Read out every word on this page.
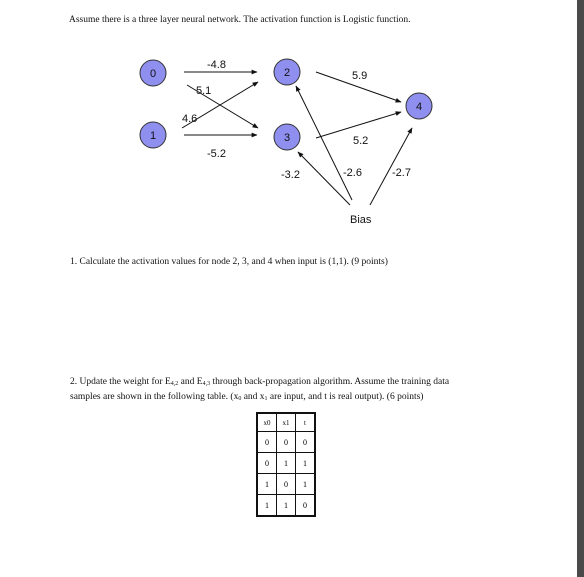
Assume there is a three layer neural network. The activation function is Logistic function.
0
1
2
3
4
-4.8
5.1
4.6
-5.2
5.9
5.2
-3.2	-2.6	-2.7
Bias
1. Calculate the activation values for node 2, 3, and 4 when input is (1,1). (9 points)
2. Update the weight for $E_{4,2}$ and $E_{4,3}$ through back-propagation algorithm. Assume the training data
samples are shown in the following table. ($x_0$ and $x_1$ are input, and t is real output). (6 points)
x0	x1	t
0	0	0
0	1	1
1	0	1
1	1	0
